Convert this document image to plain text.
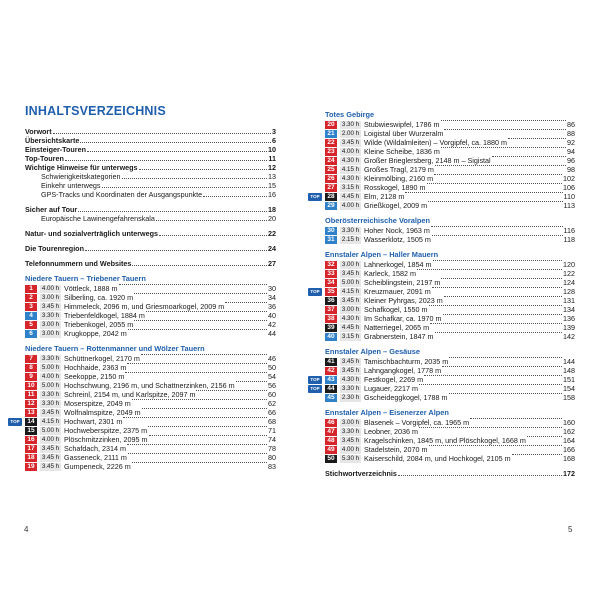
INHALTSVERZEICHNIS
Vorwort	3
Übersichtskarte	6
Einsteiger-Touren	10
Top-Touren	11
Wichtige Hinweise für unterwegs	12
Schwierigkeitskategorien	13
Einkehr unterwegs	15
GPS-Tracks und Koordinaten der Ausgangspunkte	16
Sicher auf Tour	18
Europäische Lawinengefahrenskala	20
Natur- und sozialverträglich unterwegs	22
Die Tourenregion	24
Telefonnummern und Websites	27
Niedere Tauern – Triebener Tauern
1	4.00 h Vöttleck, 1888 m	30
2	3.00 h Silberling, ca. 1920 m	34
3	3.45 h Himmeleck, 2096 m, und Griesmoarkogel, 2009 m	36
4	3.30 h Triebenfeldkogel, 1884 m	40
5	3.00 h Triebenkogel, 2055 m	42
6	3.00 h Krugkoppe, 2042 m	44
Niedere Tauern – Rottenmanner und Wölzer Tauern
7	3.30 h Schüttnerkogel, 2170 m	46
8	5.00 h Hochhaide, 2363 m	50
9	4.00 h Seekoppe, 2150 m	54
10	5.00 h Hochschwung, 2196 m, und Schattnerzinken, 2156 m	56
11	3.30 h Schreinl, 2154 m, und Karlspitze, 2097 m	60
12	3.30 h Moserspitze, 2049 m	62
13	3.45 h Wolfnalmspitze, 2049 m	66
TOP	14	4.15 h Hochwart, 2301 m	68
15	5.00 h Hochweberspitze, 2375 m	71
16	4.00 h Plöschmitzzinken, 2095 m	74
17	3.45 h Schafdach, 2314 m	78
18	3.45 h Gasseneck, 2111 m	80
19	3.45 h Gumpeneck, 2226 m	83
4
Totes Gebirge
20	3.30 h Stubwieswipfel, 1786 m	86
21	2.00 h Loigistal über Wurzeralm	88
22	3.45 h Wilde (Wildalmleiten) – Vorgipfel, ca. 1880 m	92
23	4.00 h Kleine Scheibe, 1836 m	94
24	4.30 h Großer Brieglersberg, 2148 m – Sigistal	96
25	4.15 h Großes Tragl, 2179 m	98
26	4.30 h Kleinmölbing, 2160 m	102
27	3.15 h Rosskogel, 1890 m	106
TOP	28	4.45 h Elm, 2128 m	110
29	4.00 h Grießkogel, 2009 m	113
Oberösterreichische Voralpen
30	3.30 h Hoher Nock, 1963 m	116
31	2.15 h Wasserklotz, 1505 m	118
Ennstaler Alpen – Haller Mauern
32	3.00 h Lahnerkogel, 1854 m	120
33	3.45 h Karleck, 1582 m	122
34	5.00 h Scheiblingstein, 2197 m	124
TOP	35	4.15 h Kreuzmauer, 2091 m	128
36	3.45 h Kleiner Pyhrgas, 2023 m	131
37	3.00 h Schafkogel, 1550 m	134
38	4.30 h Im Schafkar, ca. 1970 m	136
39	4.45 h Natterriegel, 2065 m	139
40	3.15 h Grabnerstein, 1847 m	142
Ennstaler Alpen – Gesäuse
41	3.45 h Tamischbachturm, 2035 m	144
42	3.45 h Lahngangkogel, 1778 m	148
TOP	43	4.30 h Festkogel, 2269 m	151
TOP	44	3.30 h Lugauer, 2217 m	154
45	2.30 h Gscheideggkogel, 1788 m	158
Ennstaler Alpen – Eisenerzer Alpen
46	3.00 h Blasenek – Vorgipfel, ca. 1965 m	160
47	3.30 h Leobner, 2036 m	162
48	3.45 h Kragelschinken, 1845 m, und Plöschkogel, 1668 m	164
49	4.00 h Stadelstein, 2070 m	166
50	5.30 h Kaiserschild, 2084 m, und Hochkogel, 2105 m	168
Stichwortverzeichnis	172
5
